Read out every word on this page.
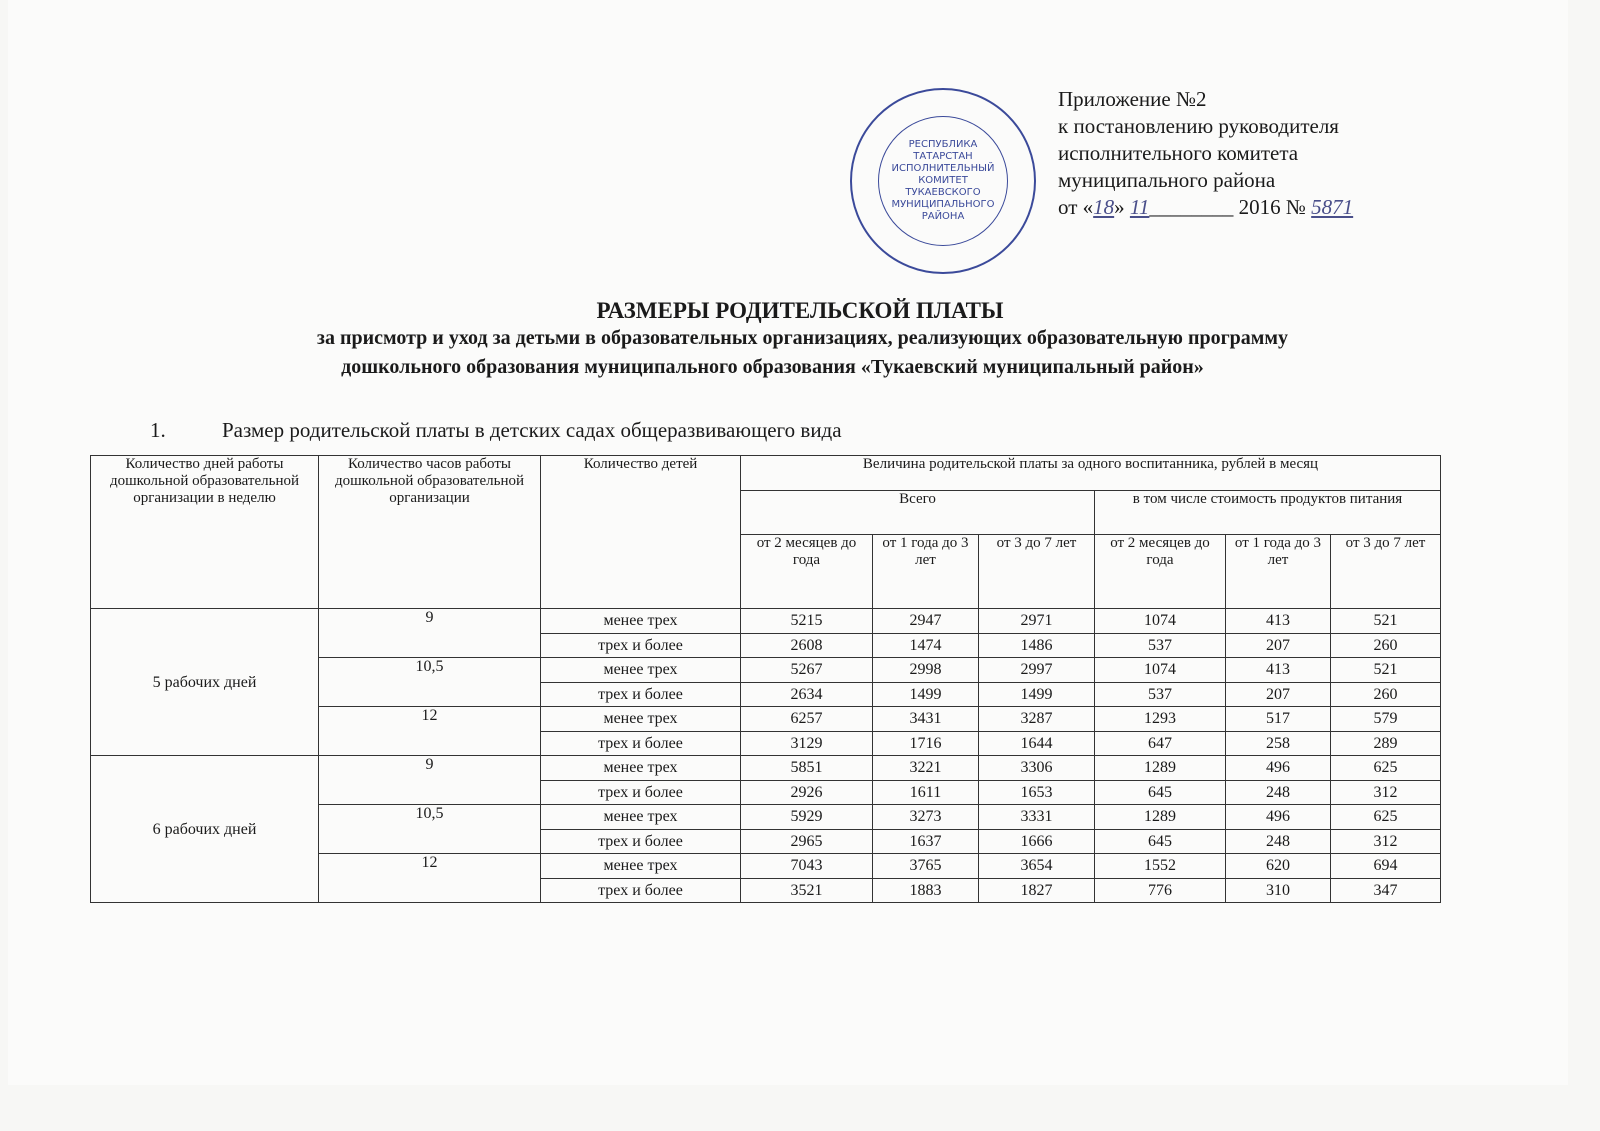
Приложение №2
к постановлению руководителя
исполнительного комитета
муниципального района
от «18» 11________ 2016 № 5871
РЕСПУБЛИКА ТАТАРСТАН ИСПОЛНИТЕЛЬНЫЙ КОМИТЕТ ТУКАЕВСКОГО МУНИЦИПАЛЬНОГО РАЙОНА
РАЗМЕРЫ РОДИТЕЛЬСКОЙ ПЛАТЫ
за присмотр и уход за детьми в образовательных организациях, реализующих образовательную программу
дошкольного образования муниципального образования «Тукаевский муниципальный район»
1.	Размер родительской платы в детских садах общеразвивающего вида
Количество дней работы дошкольной образовательной организации в неделю	Количество часов работы дошкольной образовательной организации	Количество детей	Величина родительской платы за одного воспитанника, рублей в месяц					
			Всего			в том числе стоимость продуктов питания		
			от 2 месяцев до года	от 1 года до 3 лет	от 3 до 7 лет	от 2 месяцев до года	от 1 года до 3 лет	от 3 до 7 лет
5 рабочих дней	9	менее трех	5215	2947	2971	1074	413	521
		трех и более	2608	1474	1486	537	207	260
	10,5	менее трех	5267	2998	2997	1074	413	521
		трех и более	2634	1499	1499	537	207	260
	12	менее трех	6257	3431	3287	1293	517	579
		трех и более	3129	1716	1644	647	258	289
6 рабочих дней	9	менее трех	5851	3221	3306	1289	496	625
		трех и более	2926	1611	1653	645	248	312
	10,5	менее трех	5929	3273	3331	1289	496	625
		трех и более	2965	1637	1666	645	248	312
	12	менее трех	7043	3765	3654	1552	620	694
		трех и более	3521	1883	1827	776	310	347
